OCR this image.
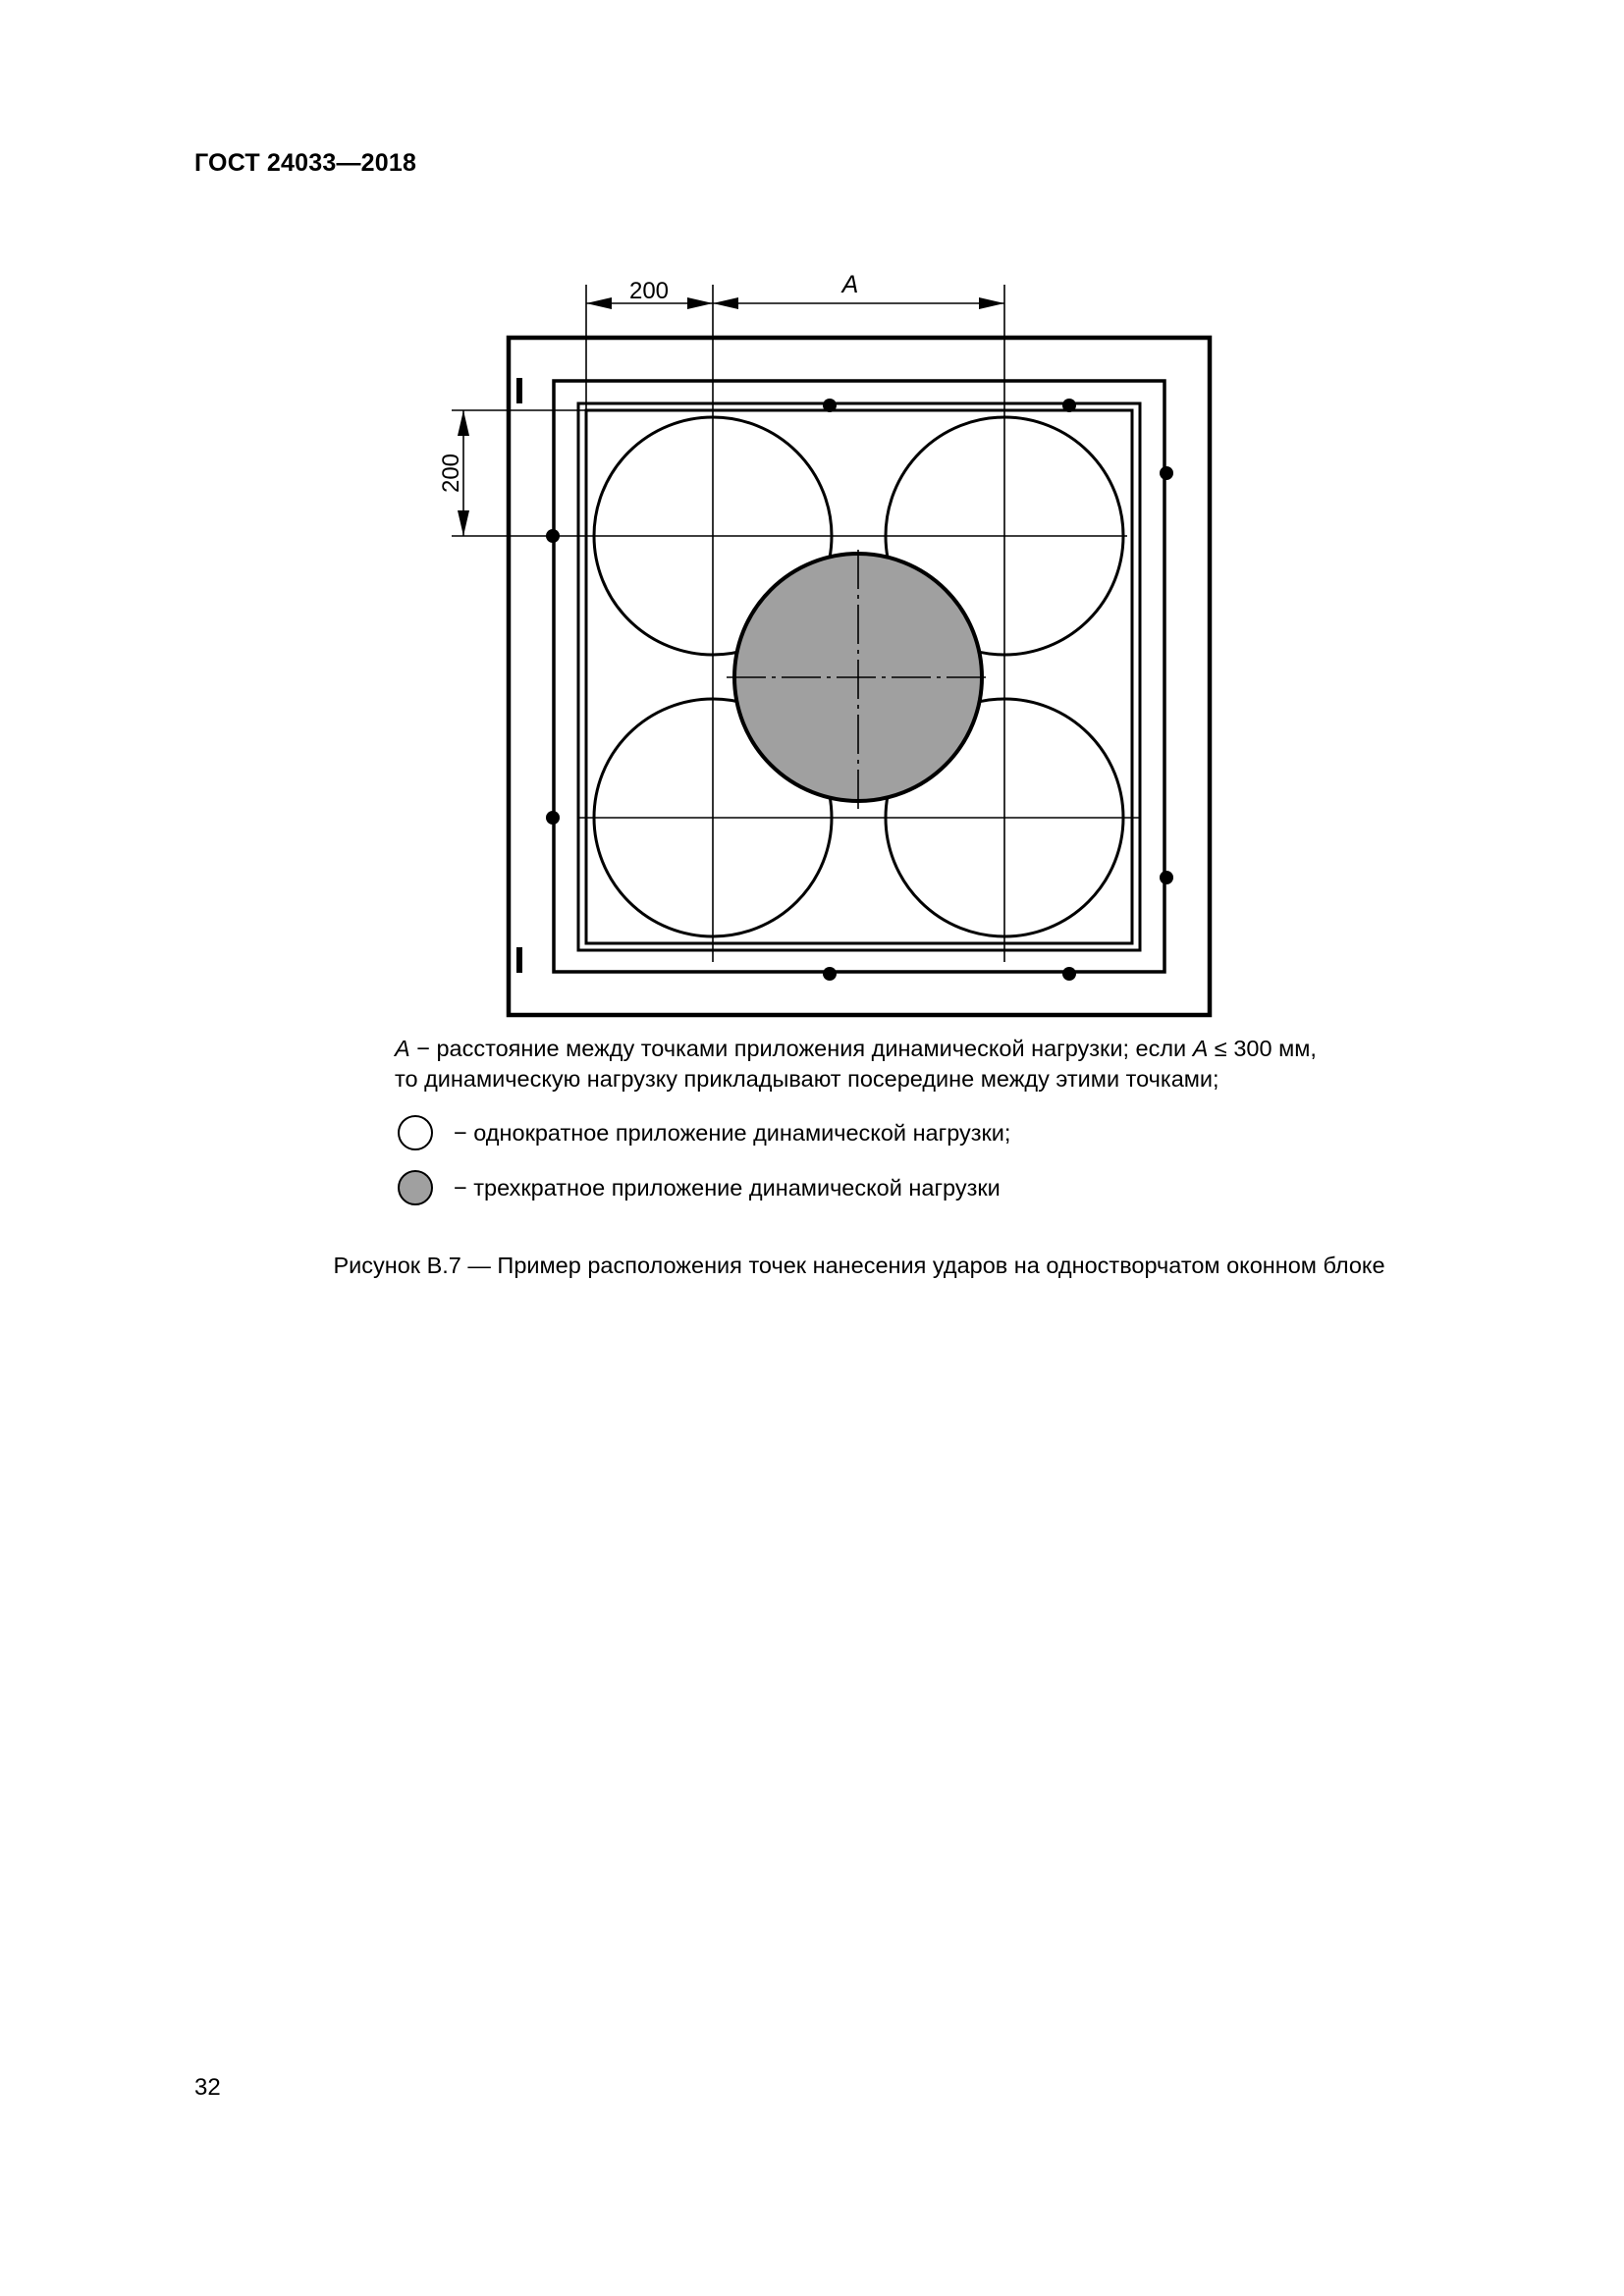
ГОСТ 24033—2018
200	A
200
A − расстояние между точками приложения динамической нагрузки; если A ≤ 300 мм,
то динамическую нагрузку прикладывают посередине между этими точками;
− однократное приложение динамической нагрузки;
− трехкратное приложение динамической нагрузки
Рисунок В.7 — Пример расположения точек нанесения ударов на одностворчатом оконном блоке
32
